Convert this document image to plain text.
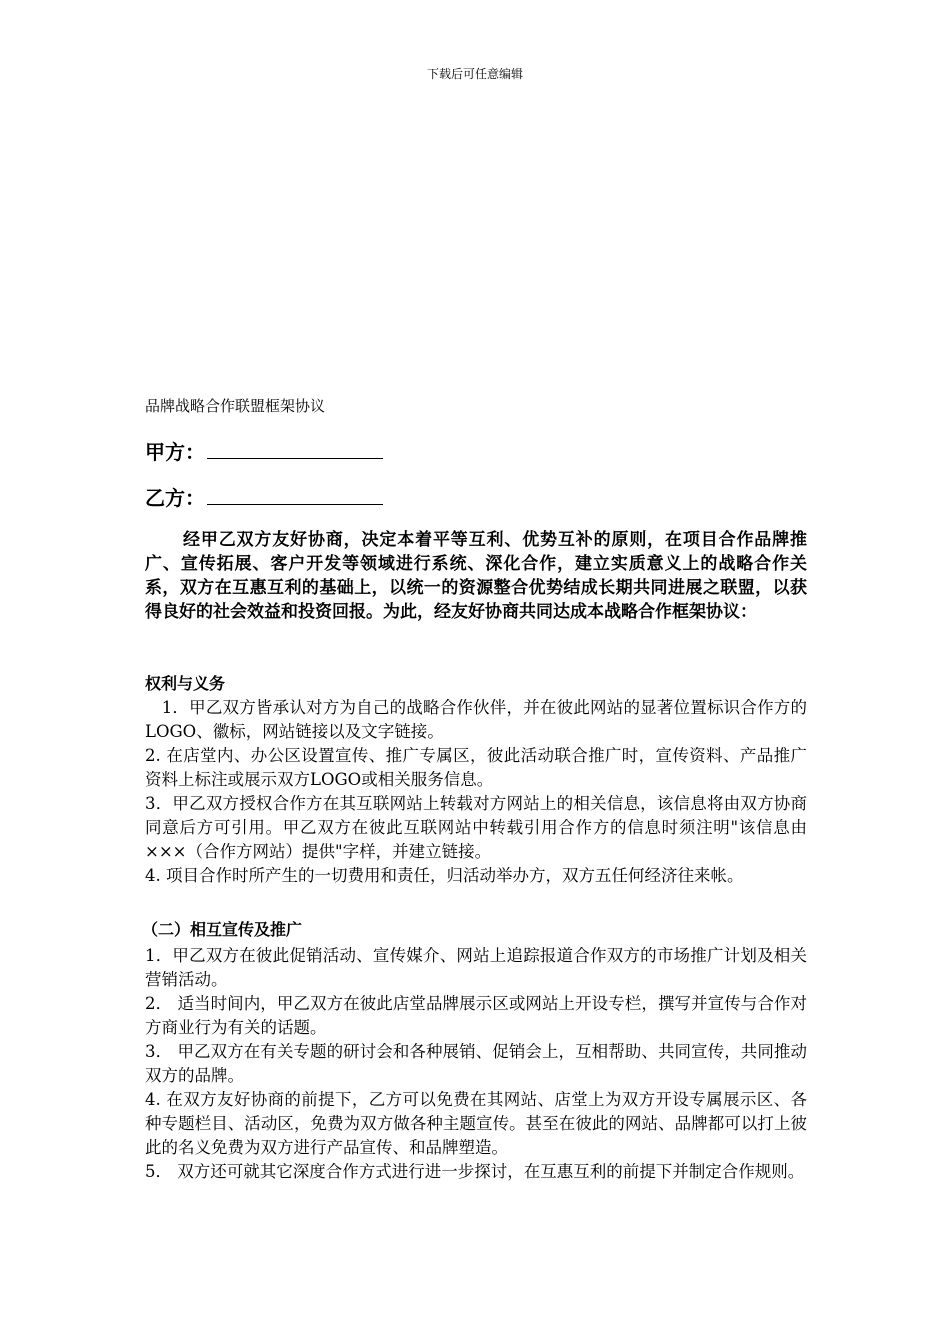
下载后可任意编辑
品牌战略合作联盟框架协议
甲方：
乙方：

经甲乙双方友好协商，决定本着平等互利、优势互补的原则，在项目合作品牌推广、宣传拓展、客户开发等领域进行系统、深化合作，建立实质意义上的战略合作关系，双方在互惠互利的基础上，以统一的资源整合优势结成长期共同进展之联盟，以获得良好的社会效益和投资回报。为此，经友好协商共同达成本战略合作框架协议：

权利与义务

　1．甲乙双方皆承认对方为自己的战略合作伙伴，并在彼此网站的显著位置标识合作方的LOGO、徽标，网站链接以及文字链接。

2. 在店堂内、办公区设置宣传、推广专属区，彼此活动联合推广时，宣传资料、产品推广资料上标注或展示双方LOGO或相关服务信息。

3．甲乙双方授权合作方在其互联网站上转载对方网站上的相关信息，该信息将由双方协商同意后方可引用。甲乙双方在彼此互联网站中转载引用合作方的信息时须注明"该信息由×××（合作方网站）提供"字样，并建立链接。

4. 项目合作时所产生的一切费用和责任，归活动举办方，双方五任何经济往来帐。

（二）相互宣传及推广

1．甲乙双方在彼此促销活动、宣传媒介、网站上追踪报道合作双方的市场推广计划及相关营销活动。

2． 适当时间内，甲乙双方在彼此店堂品牌展示区或网站上开设专栏，撰写并宣传与合作对方商业行为有关的话题。

3． 甲乙双方在有关专题的研讨会和各种展销、促销会上，互相帮助、共同宣传，共同推动双方的品牌。

4. 在双方友好协商的前提下，乙方可以免费在其网站、店堂上为双方开设专属展示区、各种专题栏目、活动区，免费为双方做各种主题宣传。甚至在彼此的网站、品牌都可以打上彼此的名义免费为双方进行产品宣传、和品牌塑造。

5． 双方还可就其它深度合作方式进行进一步探讨，在互惠互利的前提下并制定合作规则。
